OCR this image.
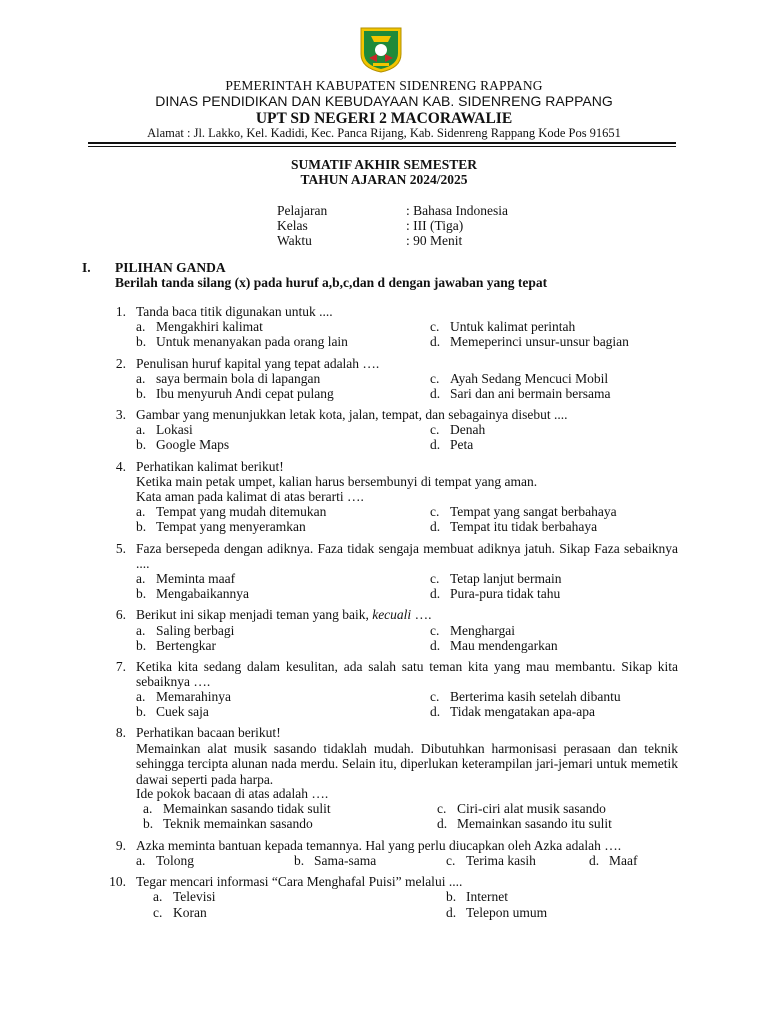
PEMERINTAH KABUPATEN SIDENRENG RAPPANG
DINAS PENDIDIKAN DAN KEBUDAYAAN KAB. SIDENRENG RAPPANG
UPT SD NEGERI 2 MACORAWALIE
Alamat : Jl. Lakko, Kel. Kadidi, Kec. Panca Rijang, Kab. Sidenreng Rappang Kode Pos 91651
SUMATIF AKHIR SEMESTER
TAHUN AJARAN 2024/2025
Pelajaran	: Bahasa Indonesia
Kelas	: III (Tiga)
Waktu	: 90 Menit
I. PILIHAN GANDA
Berilah tanda silang (x) pada huruf a,b,c,dan d dengan jawaban yang tepat
1. Tanda baca titik digunakan untuk ....
a. Mengakhiri kalimat	c. Untuk kalimat perintah
b. Untuk menanyakan pada orang lain	d. Memeperinci unsur-unsur bagian
2. Penulisan huruf kapital yang tepat adalah ….
a. saya bermain bola di lapangan	c. Ayah Sedang Mencuci Mobil
b. Ibu menyuruh Andi cepat pulang	d. Sari dan ani bermain bersama
3. Gambar yang menunjukkan letak kota, jalan, tempat, dan sebagainya disebut ....
a. Lokasi	c. Denah
b. Google Maps	d. Peta
4. Perhatikan kalimat berikut!
Ketika main petak umpet, kalian harus bersembunyi di tempat yang aman.
Kata aman pada kalimat di atas berarti ….
a. Tempat yang mudah ditemukan	c. Tempat yang sangat berbahaya
b. Tempat yang menyeramkan	d. Tempat itu tidak berbahaya
5. Faza bersepeda dengan adiknya. Faza tidak sengaja membuat adiknya jatuh. Sikap Faza sebaiknya ....
a. Meminta maaf	c. Tetap lanjut bermain
b. Mengabaikannya	d. Pura-pura tidak tahu
6. Berikut ini sikap menjadi teman yang baik, kecuali ….
a. Saling berbagi	c. Menghargai
b. Bertengkar	d. Mau mendengarkan
7. Ketika kita sedang dalam kesulitan, ada salah satu teman kita yang mau membantu. Sikap kita sebaiknya ….
a. Memarahinya	c. Berterima kasih setelah dibantu
b. Cuek saja	d. Tidak mengatakan apa-apa
8. Perhatikan bacaan berikut!
Memainkan alat musik sasando tidaklah mudah. Dibutuhkan harmonisasi perasaan dan teknik sehingga tercipta alunan nada merdu. Selain itu, diperlukan keterampilan jari-jemari untuk memetik dawai seperti pada harpa.
Ide pokok bacaan di atas adalah ….
a. Memainkan sasando tidak sulit	c. Ciri-ciri alat musik sasando
b. Teknik memainkan sasando	d. Memainkan sasando itu sulit
9. Azka meminta bantuan kepada temannya. Hal yang perlu diucapkan oleh Azka adalah ….
a. Tolong	b. Sama-sama	c. Terima kasih	d. Maaf
10. Tegar mencari informasi “Cara Menghafal Puisi” melalui ....
a. Televisi	b. Internet
c. Koran	d. Telepon umum
